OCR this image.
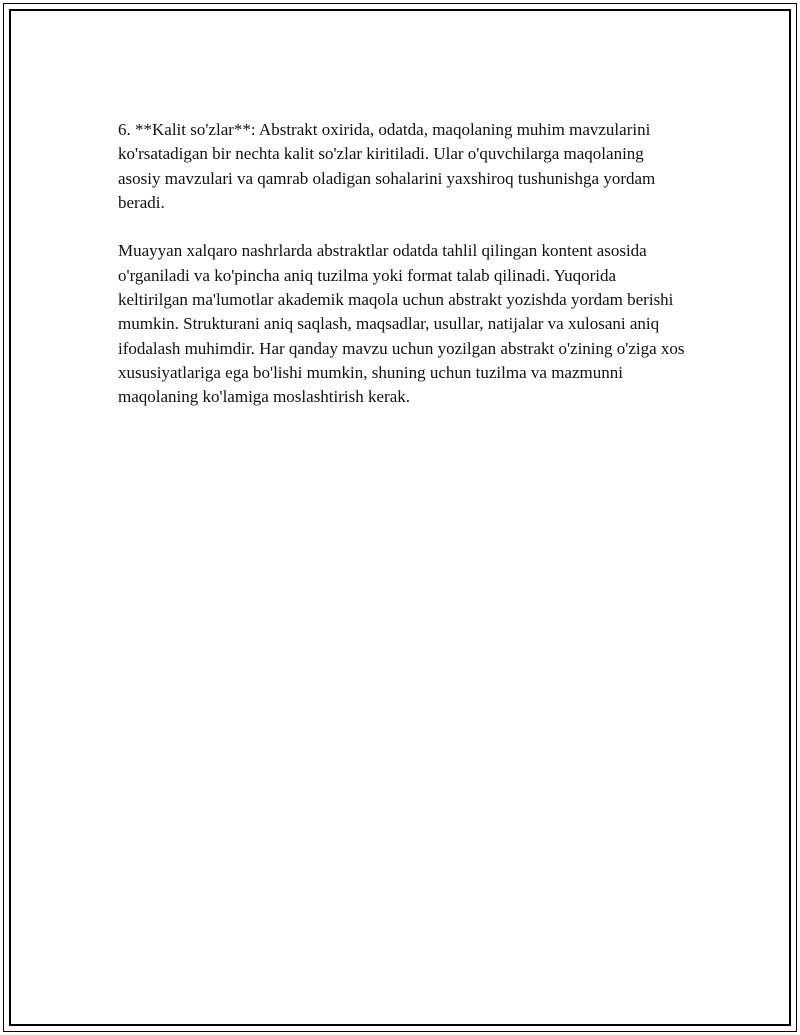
6. **Kalit so'zlar**: Abstrakt oxirida, odatda, maqolaning muhim mavzularini ko'rsatadigan bir nechta kalit so'zlar kiritiladi. Ular o'quvchilarga maqolaning asosiy mavzulari va qamrab oladigan sohalarini yaxshiroq tushunishga yordam beradi.

Muayyan xalqaro nashrlarda abstraktlar odatda tahlil qilingan kontent asosida o'rganiladi va ko'pincha aniq tuzilma yoki format talab qilinadi. Yuqorida keltirilgan ma'lumotlar akademik maqola uchun abstrakt yozishda yordam berishi mumkin. Strukturani aniq saqlash, maqsadlar, usullar, natijalar va xulosani aniq ifodalash muhimdir. Har qanday mavzu uchun yozilgan abstrakt o'zining o'ziga xos xususiyatlariga ega bo'lishi mumkin, shuning uchun tuzilma va mazmunni maqolaning ko'lamiga moslashtirish kerak.
